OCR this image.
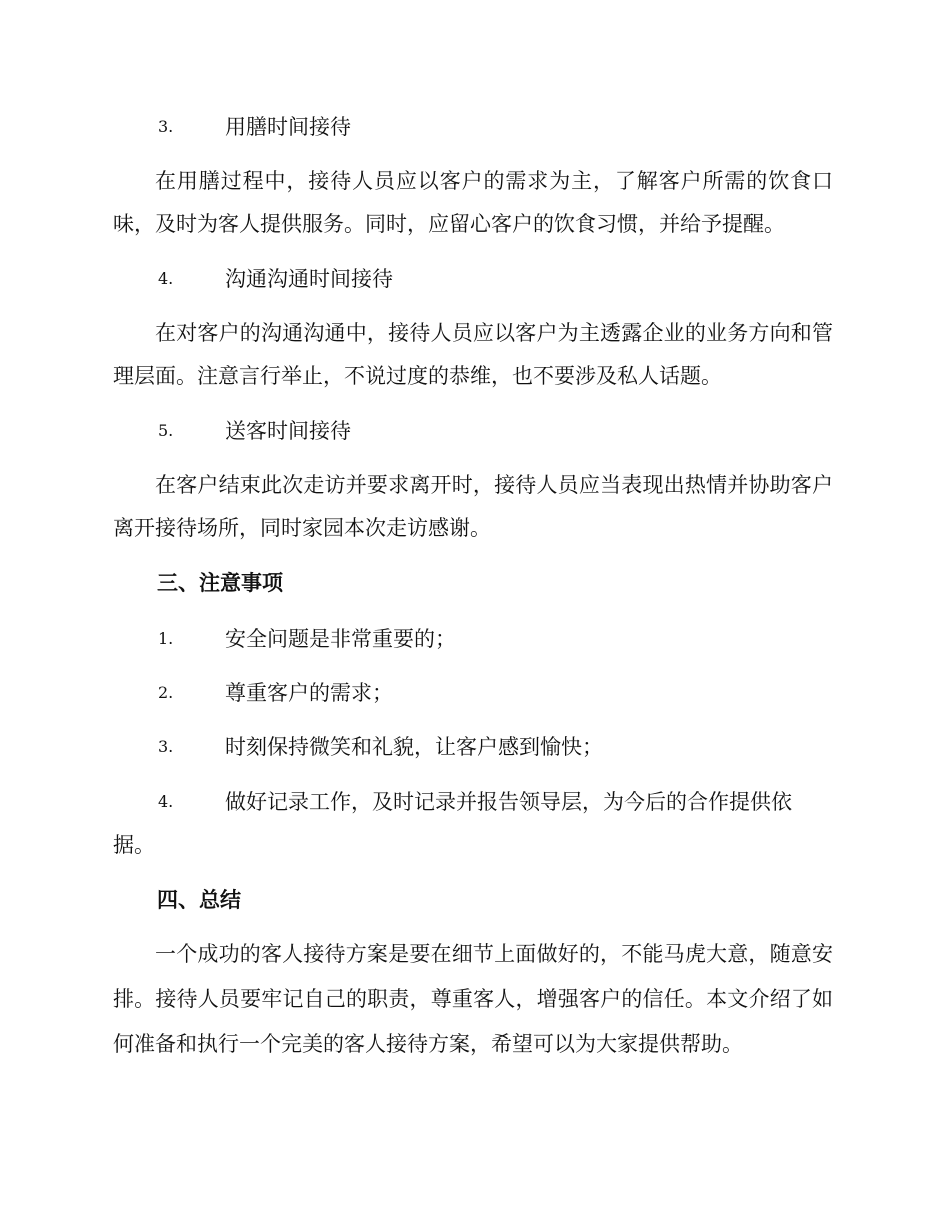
3. 用膳时间接待
在用膳过程中，接待人员应以客户的需求为主，了解客户所需的饮食口味，及时为客人提供服务。同时，应留心客户的饮食习惯，并给予提醒。
4. 沟通沟通时间接待
在对客户的沟通沟通中，接待人员应以客户为主透露企业的业务方向和管理层面。注意言行举止，不说过度的恭维，也不要涉及私人话题。
5. 送客时间接待
在客户结束此次走访并要求离开时，接待人员应当表现出热情并协助客户离开接待场所，同时家园本次走访感谢。
三、注意事项
1. 安全问题是非常重要的；
2. 尊重客户的需求；
3. 时刻保持微笑和礼貌，让客户感到愉快；
4. 做好记录工作，及时记录并报告领导层，为今后的合作提供依
据。
四、总结
一个成功的客人接待方案是要在细节上面做好的，不能马虎大意，随意安排。接待人员要牢记自己的职责，尊重客人，增强客户的信任。本文介绍了如何准备和执行一个完美的客人接待方案，希望可以为大家提供帮助。
